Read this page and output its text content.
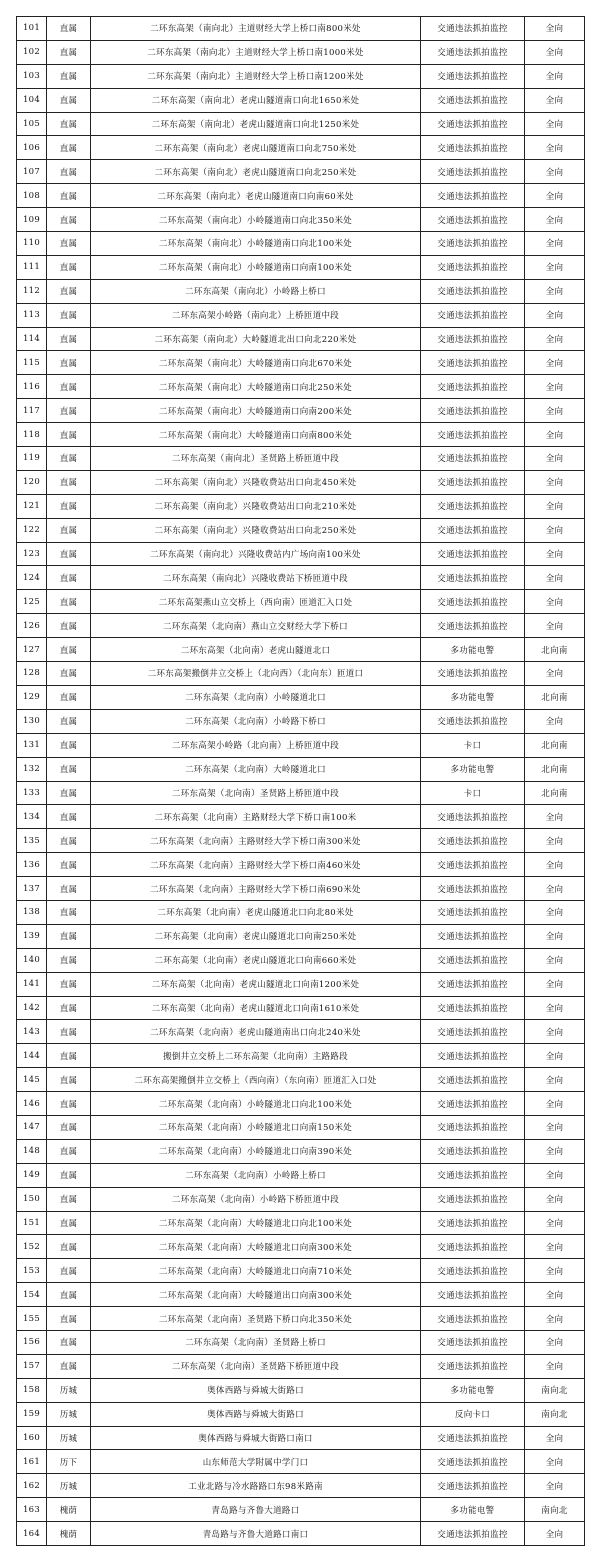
101	直属	二环东高架（南向北）主道财经大学上桥口南800米处	交通违法抓拍监控	全向
102	直属	二环东高架（南向北）主道财经大学上桥口南1000米处	交通违法抓拍监控	全向
103	直属	二环东高架（南向北）主道财经大学上桥口南1200米处	交通违法抓拍监控	全向
104	直属	二环东高架（南向北）老虎山隧道南口向北1650米处	交通违法抓拍监控	全向
105	直属	二环东高架（南向北）老虎山隧道南口向北1250米处	交通违法抓拍监控	全向
106	直属	二环东高架（南向北）老虎山隧道南口向北750米处	交通违法抓拍监控	全向
107	直属	二环东高架（南向北）老虎山隧道南口向北250米处	交通违法抓拍监控	全向
108	直属	二环东高架（南向北）老虎山隧道南口向南60米处	交通违法抓拍监控	全向
109	直属	二环东高架（南向北）小岭隧道南口向北350米处	交通违法抓拍监控	全向
110	直属	二环东高架（南向北）小岭隧道南口向北100米处	交通违法抓拍监控	全向
111	直属	二环东高架（南向北）小岭隧道南口向南100米处	交通违法抓拍监控	全向
112	直属	二环东高架（南向北）小岭路上桥口	交通违法抓拍监控	全向
113	直属	二环东高架小岭路（南向北）上桥匝道中段	交通违法抓拍监控	全向
114	直属	二环东高架（南向北）大岭隧道北出口向北220米处	交通违法抓拍监控	全向
115	直属	二环东高架（南向北）大岭隧道南口向北670米处	交通违法抓拍监控	全向
116	直属	二环东高架（南向北）大岭隧道南口向北250米处	交通违法抓拍监控	全向
117	直属	二环东高架（南向北）大岭隧道南口向南200米处	交通违法抓拍监控	全向
118	直属	二环东高架（南向北）大岭隧道南口向南800米处	交通违法抓拍监控	全向
119	直属	二环东高架（南向北）圣贤路上桥匝道中段	交通违法抓拍监控	全向
120	直属	二环东高架（南向北）兴隆收费站出口向北450米处	交通违法抓拍监控	全向
121	直属	二环东高架（南向北）兴隆收费站出口向北210米处	交通违法抓拍监控	全向
122	直属	二环东高架（南向北）兴隆收费站出口向北250米处	交通违法抓拍监控	全向
123	直属	二环东高架（南向北）兴隆收费站内广场向南100米处	交通违法抓拍监控	全向
124	直属	二环东高架（南向北）兴隆收费站下桥匝道中段	交通违法抓拍监控	全向
125	直属	二环东高架燕山立交桥上（西向南）匝道汇入口处	交通违法抓拍监控	全向
126	直属	二环东高架（北向南）燕山立交财经大学下桥口	交通违法抓拍监控	全向
127	直属	二环东高架（北向南）老虎山隧道北口	多功能电警	北向南
128	直属	二环东高架搬倒井立交桥上（北向西）（北向东）匝道口	交通违法抓拍监控	全向
129	直属	二环东高架（北向南）小岭隧道北口	多功能电警	北向南
130	直属	二环东高架（北向南）小岭路下桥口	交通违法抓拍监控	全向
131	直属	二环东高架小岭路（北向南）上桥匝道中段	卡口	北向南
132	直属	二环东高架（北向南）大岭隧道北口	多功能电警	北向南
133	直属	二环东高架（北向南）圣贤路上桥匝道中段	卡口	北向南
134	直属	二环东高架（北向南）主路财经大学下桥口南100米	交通违法抓拍监控	全向
135	直属	二环东高架（北向南）主路财经大学下桥口南300米处	交通违法抓拍监控	全向
136	直属	二环东高架（北向南）主路财经大学下桥口南460米处	交通违法抓拍监控	全向
137	直属	二环东高架（北向南）主路财经大学下桥口南690米处	交通违法抓拍监控	全向
138	直属	二环东高架（北向南）老虎山隧道北口向北80米处	交通违法抓拍监控	全向
139	直属	二环东高架（北向南）老虎山隧道北口向南250米处	交通违法抓拍监控	全向
140	直属	二环东高架（北向南）老虎山隧道北口向南660米处	交通违法抓拍监控	全向
141	直属	二环东高架（北向南）老虎山隧道北口向南1200米处	交通违法抓拍监控	全向
142	直属	二环东高架（北向南）老虎山隧道北口向南1610米处	交通违法抓拍监控	全向
143	直属	二环东高架（北向南）老虎山隧道南出口向北240米处	交通违法抓拍监控	全向
144	直属	搬倒井立交桥上二环东高架（北向南）主路路段	交通违法抓拍监控	全向
145	直属	二环东高架搬倒井立交桥上（西向南）（东向南）匝道汇入口处	交通违法抓拍监控	全向
146	直属	二环东高架（北向南）小岭隧道北口向北100米处	交通违法抓拍监控	全向
147	直属	二环东高架（北向南）小岭隧道北口向南150米处	交通违法抓拍监控	全向
148	直属	二环东高架（北向南）小岭隧道北口向南390米处	交通违法抓拍监控	全向
149	直属	二环东高架（北向南）小岭路上桥口	交通违法抓拍监控	全向
150	直属	二环东高架（北向南）小岭路下桥匝道中段	交通违法抓拍监控	全向
151	直属	二环东高架（北向南）大岭隧道北口向北100米处	交通违法抓拍监控	全向
152	直属	二环东高架（北向南）大岭隧道北口向南300米处	交通违法抓拍监控	全向
153	直属	二环东高架（北向南）大岭隧道北口向南710米处	交通违法抓拍监控	全向
154	直属	二环东高架（北向南）大岭隧道出口向南300米处	交通违法抓拍监控	全向
155	直属	二环东高架（北向南）圣贤路下桥口向北350米处	交通违法抓拍监控	全向
156	直属	二环东高架（北向南）圣贤路上桥口	交通违法抓拍监控	全向
157	直属	二环东高架（北向南）圣贤路下桥匝道中段	交通违法抓拍监控	全向
158	历城	奥体西路与舜城大街路口	多功能电警	南向北
159	历城	奥体西路与舜城大街路口	反向卡口	南向北
160	历城	奥体西路与舜城大街路口南口	交通违法抓拍监控	全向
161	历下	山东师范大学附属中学门口	交通违法抓拍监控	全向
162	历城	工业北路与冷水路路口东98米路南	交通违法抓拍监控	全向
163	槐荫	青岛路与齐鲁大道路口	多功能电警	南向北
164	槐荫	青岛路与齐鲁大道路口南口	交通违法抓拍监控	全向
